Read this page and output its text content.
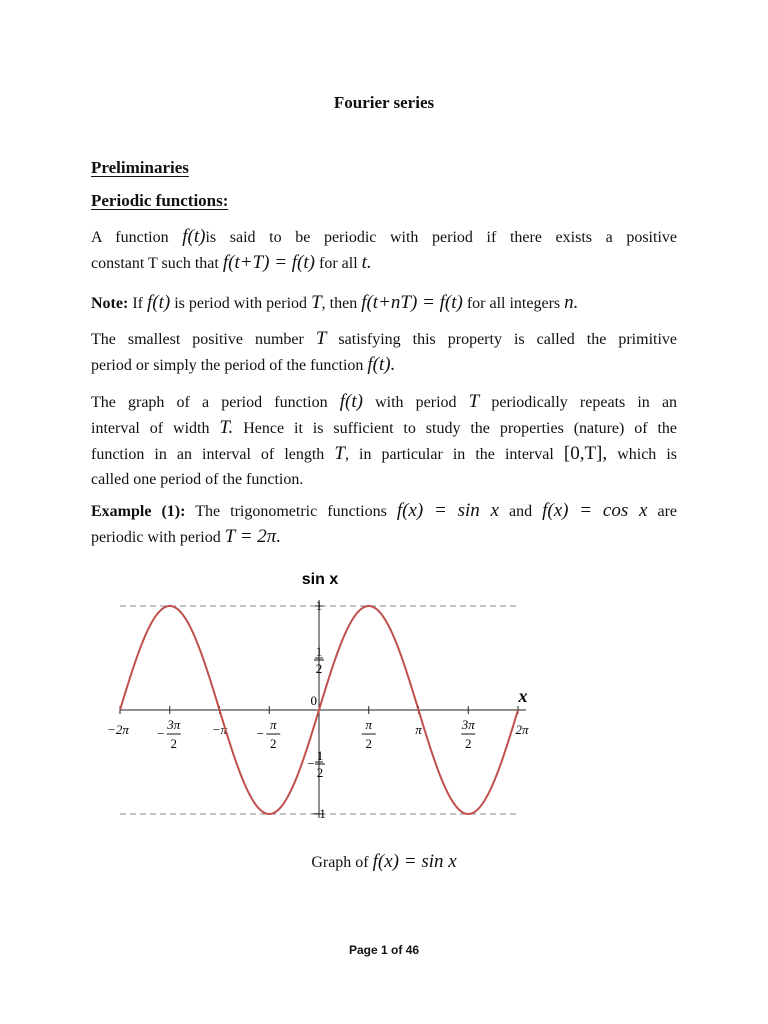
Fourier series
Preliminaries
Periodic functions:
A function f(t)is said to be periodic with period if there exists a positive
constant T such that f(t+T) = f(t) for all t.
Note: If f(t) is period with period T, then f(t+nT) = f(t) for all integers n.
The smallest positive number T satisfying this property is called the primitive
period or simply the period of the function f(t).
The graph of a period function f(t) with period T periodically repeats in an
interval of width T. Hence it is sufficient to study the properties (nature) of the
function in an interval of length T, in particular in the interval [0,T], which is
called one period of the function.
Example (1): The trigonometric functions f(x) = sin x and f(x) = cos x are
periodic with period T = 2π.
sin x
−2π	3π
2
−	−π	π
2
−
π
2
π	3π
2
2π
1
1
2
0
1
2
−
−1
x
Graph of f(x) = sin x
Page 1 of 46
